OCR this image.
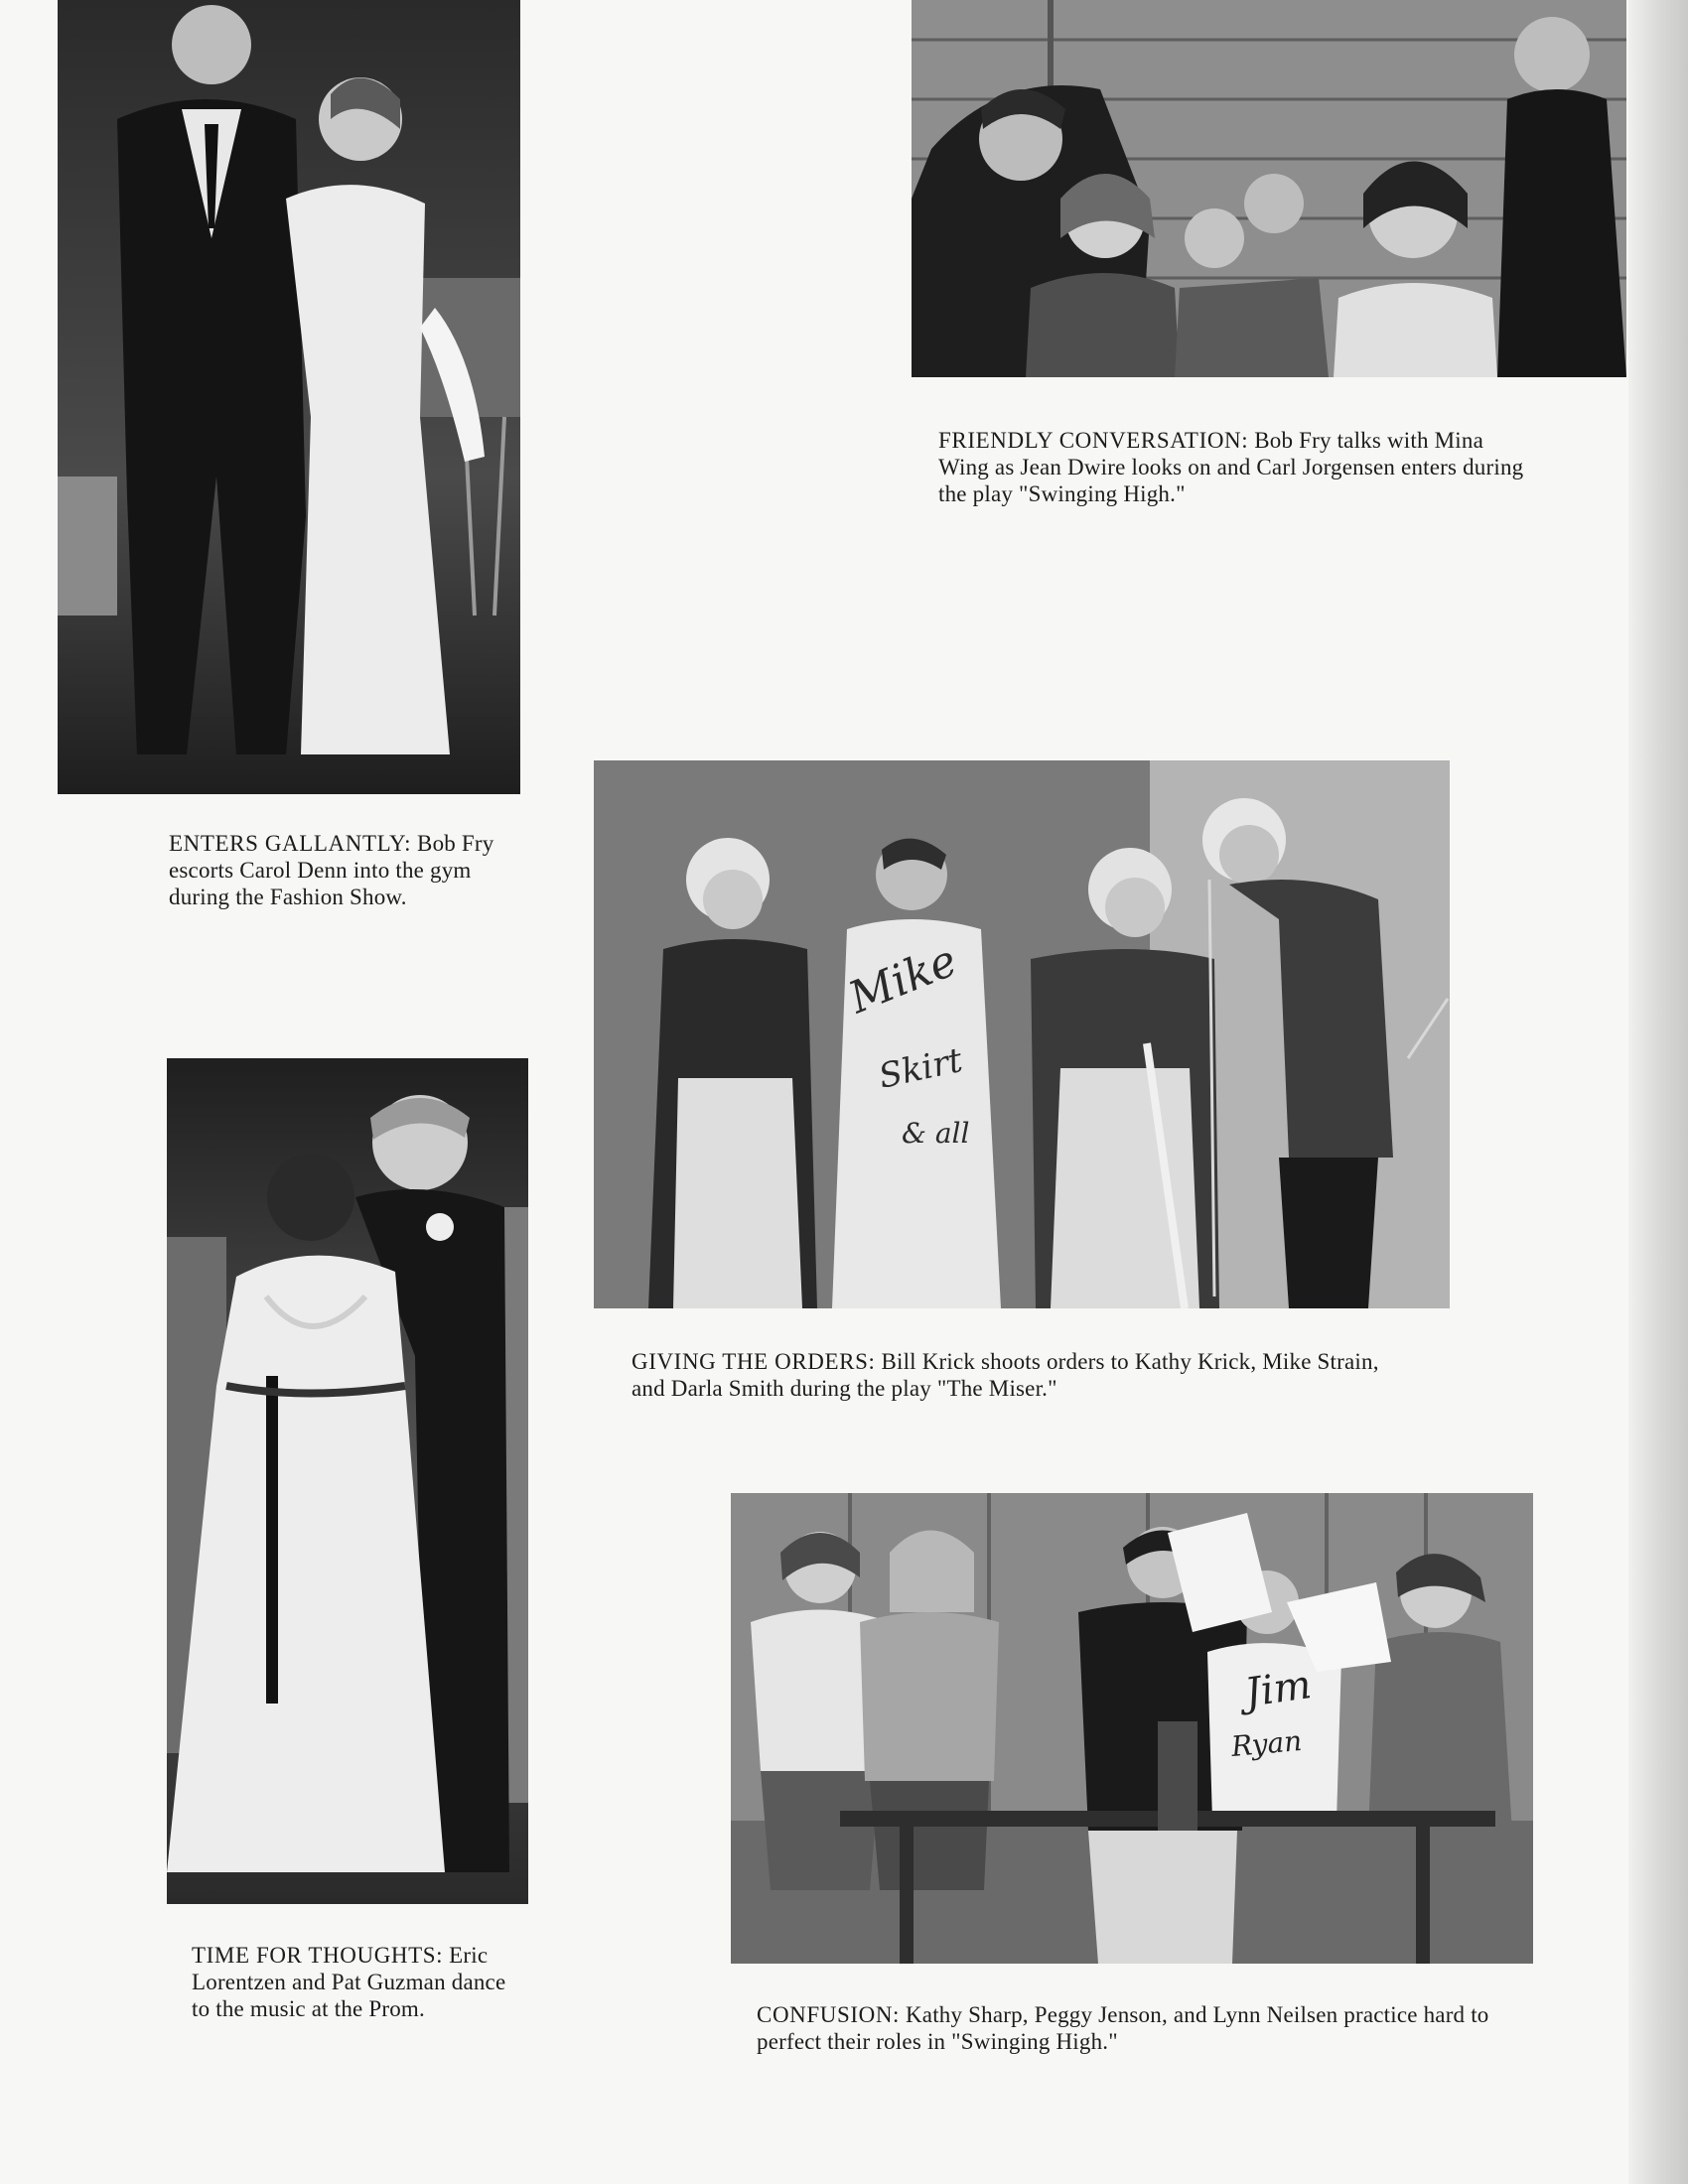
FRIENDLY CONVERSATION: Bob Fry talks with Mina Wing as Jean Dwire looks on and Carl Jorgensen enters during the play "Swinging High."

ENTERS GALLANTLY: Bob Fry escorts Carol Denn into the gym during the Fashion Show.

Mike
Skirt
& all

GIVING THE ORDERS: Bill Krick shoots orders to Kathy Krick, Mike Strain, and Darla Smith during the play "The Miser."

Jim
Ryan

TIME FOR THOUGHTS: Eric Lorentzen and Pat Guzman dance to the music at the Prom.	CONFUSION: Kathy Sharp, Peggy Jenson, and Lynn Neilsen practice hard to perfect their roles in "Swinging High."
